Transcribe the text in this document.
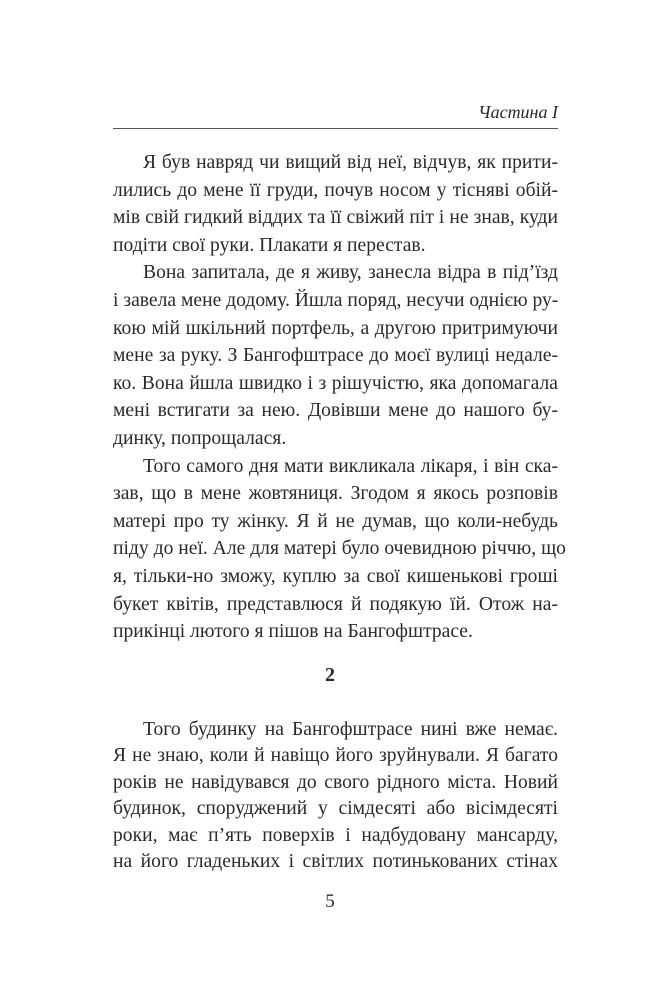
Частина I
Я був навряд чи вищий від неї, відчув, як прити-
лились до мене її груди, почув носом у тісняві обій-
мів свій гидкий віддих та її свіжий піт і не знав, куди
подіти свої руки. Плакати я перестав.
Вона запитала, де я живу, занесла відра в під’їзд
і завела мене додому. Йшла поряд, несучи однією ру-
кою мій шкільний портфель, а другою притримуючи
мене за руку. З Бангофштрасе до моєї вулиці недале-
ко. Вона йшла швидко і з рішучістю, яка допомагала
мені встигати за нею. Довівши мене до нашого бу-
динку, попрощалася.
Того самого дня мати викликала лікаря, і він ска-
зав, що в мене жовтяниця. Згодом я якось розповів
матері про ту жінку. Я й не думав, що коли-небудь
піду до неї. Але для матері було очевидною річчю, що
я, тільки-но зможу, куплю за свої кишенькові гроші
букет квітів, представлюся й подякую їй. Отож на-
прикінці лютого я пішов на Бангофштрасе.
2
Того будинку на Бангофштрасе нині вже немає.
Я не знаю, коли й навіщо його зруйнували. Я багато
років не навідувався до свого рідного міста. Новий
будинок, споруджений у сімдесяті або вісімдесяті
роки, має п’ять поверхів і надбудовану мансарду,
на його гладеньких і світлих потинькованих стінах
5
